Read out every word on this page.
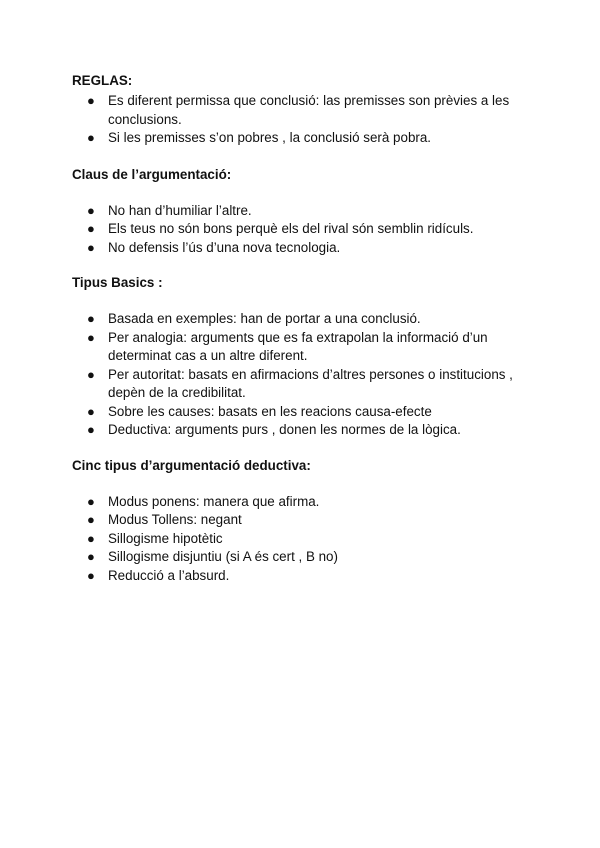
REGLAS:
● Es diferent permissa que conclusió: las premisses son prèvies a les conclusions.
● Si les premisses s’on pobres , la conclusió serà pobra.
Claus de l’argumentació:
● No han d’humiliar l’altre.
● Els teus no són bons perquè els del rival són semblin ridículs.
● No defensis l’ús d’una nova tecnologia.
Tipus Basics :
● Basada en exemples: han de portar a una conclusió.
● Per analogia: arguments que es fa extrapolan la informació d’un determinat cas a un altre diferent.
● Per autoritat: basats en afirmacions d’altres persones o institucions , depèn de la credibilitat.
● Sobre les causes: basats en les reacions causa-efecte
● Deductiva: arguments purs , donen les normes de la lògica.
Cinc tipus d’argumentació deductiva:
● Modus ponens: manera que afirma.
● Modus Tollens: negant
● Sillogisme hipotètic
● Sillogisme disjuntiu (si A és cert , B no)
● Reducció a l’absurd.
